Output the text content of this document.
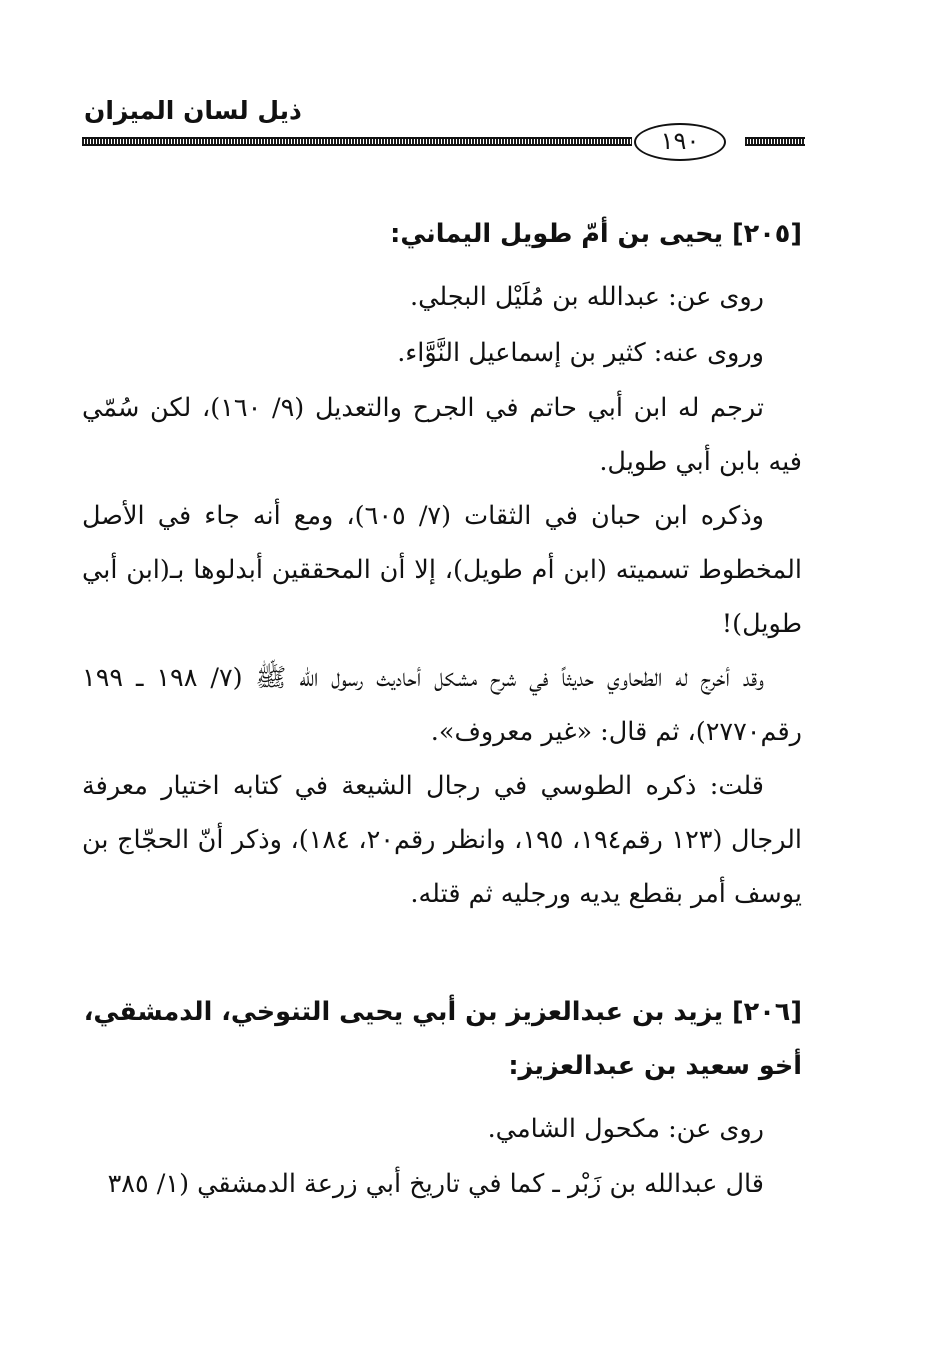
ذيل لسان الميزان
١٩٠

[٢٠٥] يحيى بن أمّ طويل اليماني:

روى عن: عبدالله بن مُلَيْل البجلي.

وروى عنه: كثير بن إسماعيل النَّوَّاء.

ترجم له ابن أبي حاتم في الجرح والتعديل (٩/ ١٦٠)، لكن سُمّي فيه بابن أبي طويل.

وذكره ابن حبان في الثقات (٧/ ٦٠٥)، ومع أنه جاء في الأصل المخطوط تسميته (ابن أم طويل)، إلا أن المحققين أبدلوها بـ(ابن أبي طويل)!

وقد أخرج له الطحاوي حديثاً في شرح مشكل أحاديث رسول الله ﷺ (٧/ ١٩٨ ـ ١٩٩ رقم٢٧٧٠)، ثم قال: «غير معروف».

قلت: ذكره الطوسي في رجال الشيعة في كتابه اختيار معرفة الرجال (١٢٣ رقم١٩٤، ١٩٥، وانظر رقم٢٠، ١٨٤)، وذكر أنّ الحجّاج بن يوسف أمر بقطع يديه ورجليه ثم قتله.

[٢٠٦] يزيد بن عبدالعزيز بن أبي يحيى التنوخي، الدمشقي، أخو سعيد بن عبدالعزيز:

روى عن: مكحول الشامي.

قال عبدالله بن زَبْر ـ كما في تاريخ أبي زرعة الدمشقي (١/ ٣٨٥
